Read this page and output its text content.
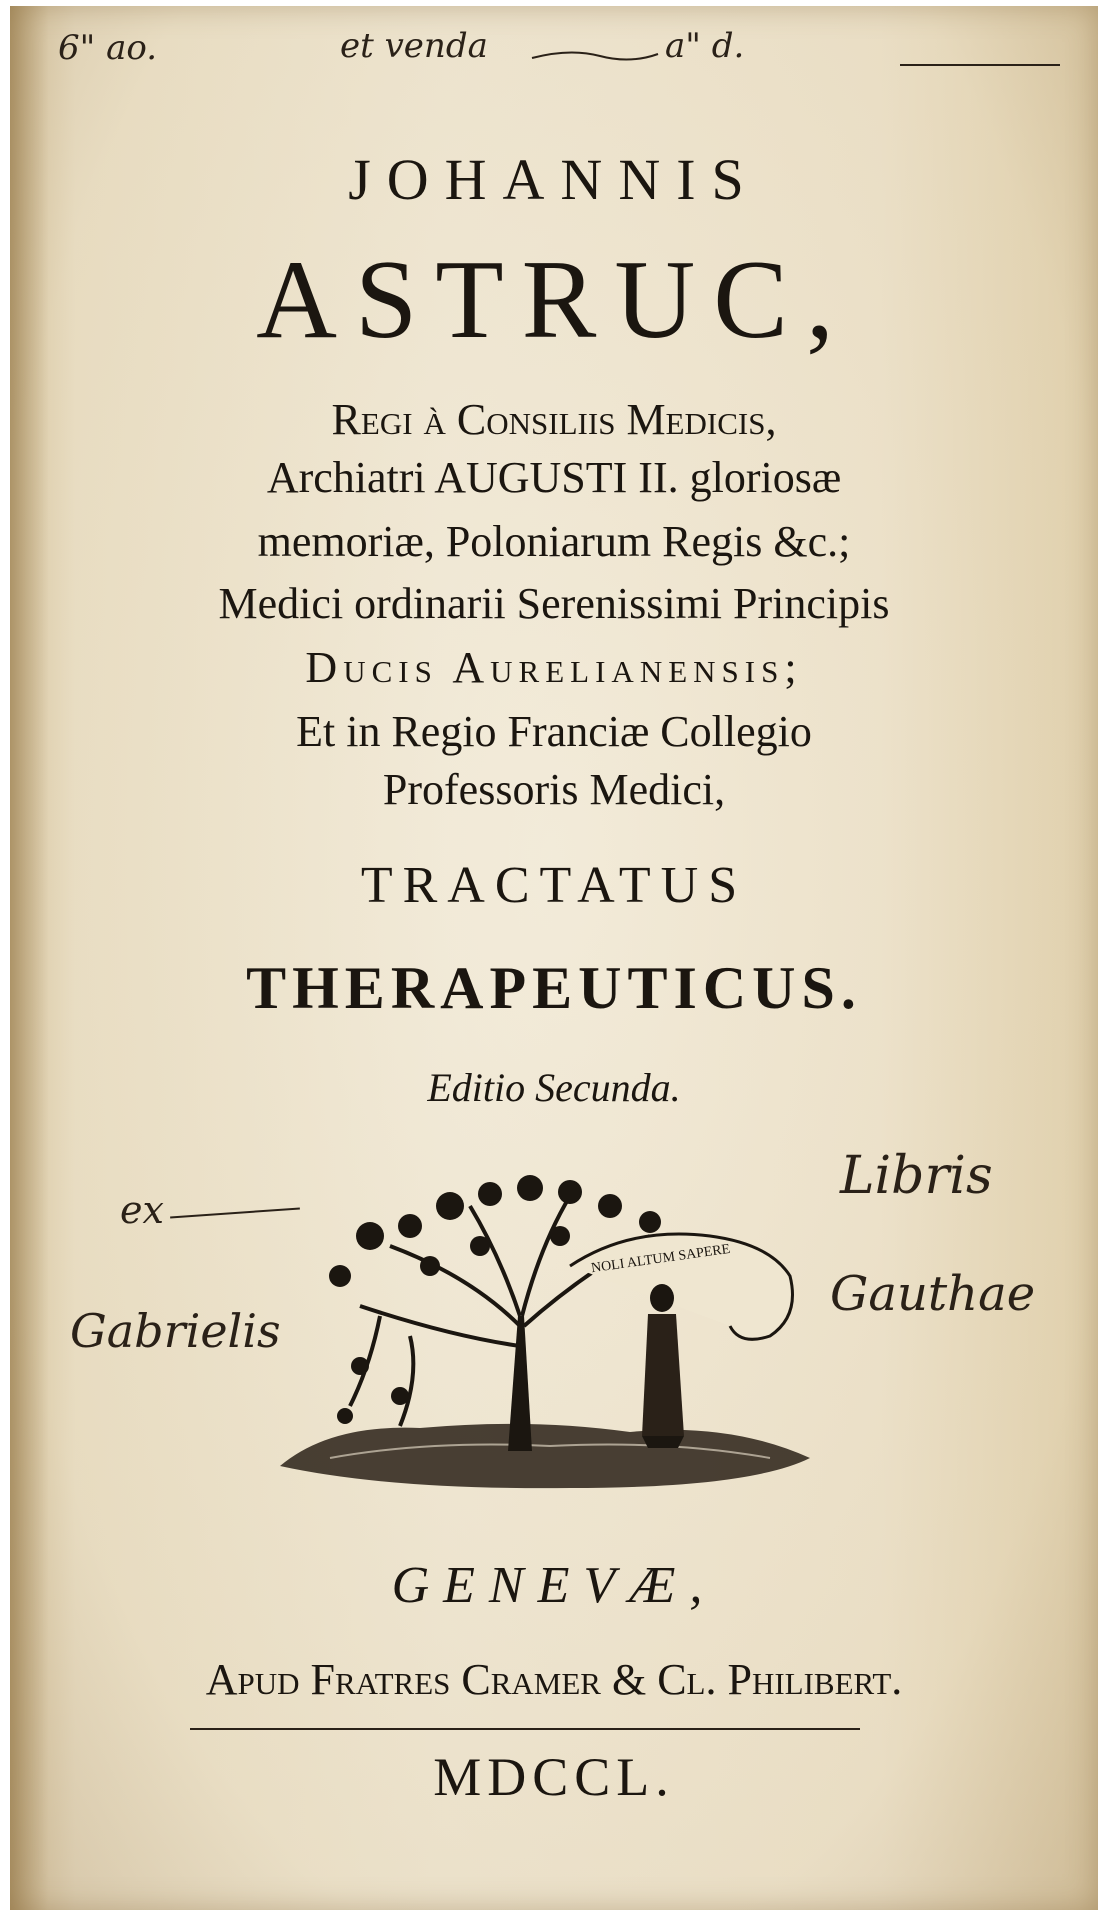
6" ao.	et venda	a" d.
JOHANNIS
ASTRUC,
Regi à Consiliis Medicis,
Archiatri AUGUSTI II. gloriosæ
memoriæ, Poloniarum Regis &c.;
Medici ordinarii Serenissimi Principis
Ducis Aurelianensis;
Et in Regio Franciæ Collegio
Professoris Medici,
TRACTATUS
THERAPEUTICUS.
Editio Secunda.
NOLI ALTUM SAPERE
ex
Libris
Gabrielis
Gauthae
GENEVÆ,
Apud Fratres Cramer & Cl. Philibert.
MDCCL.
